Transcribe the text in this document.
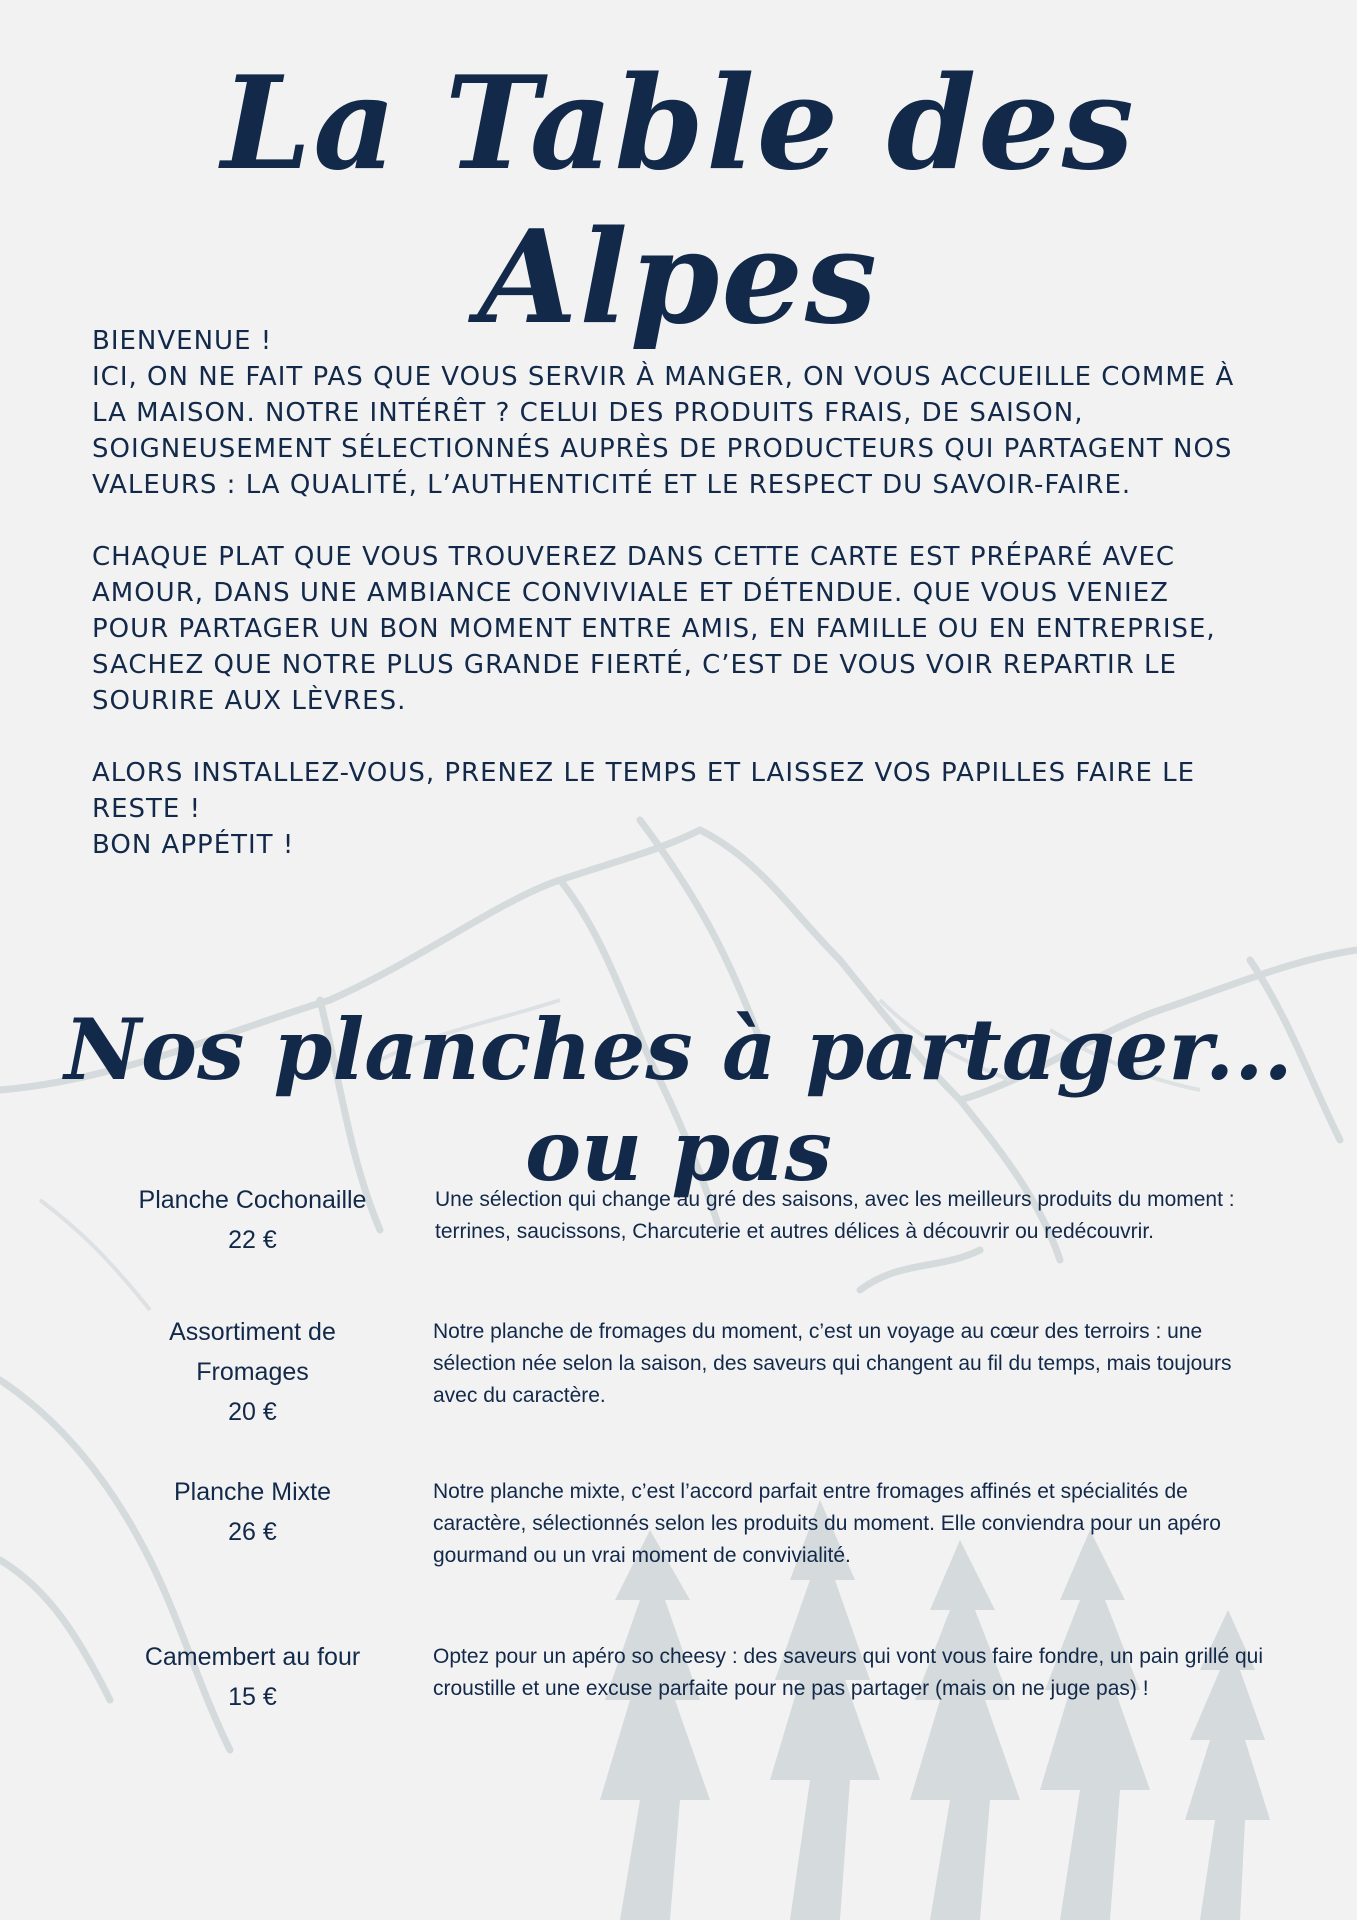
La Table des Alpes

BIENVENUE !
ICI, ON NE FAIT PAS QUE VOUS SERVIR À MANGER, ON VOUS ACCUEILLE COMME À LA MAISON. NOTRE INTÉRÊT ? CELUI DES PRODUITS FRAIS, DE SAISON, SOIGNEUSEMENT SÉLECTIONNÉS AUPRÈS DE PRODUCTEURS QUI PARTAGENT NOS VALEURS : LA QUALITÉ, L’AUTHENTICITÉ ET LE RESPECT DU SAVOIR-FAIRE.

CHAQUE PLAT QUE VOUS TROUVEREZ DANS CETTE CARTE EST PRÉPARÉ AVEC AMOUR, DANS UNE AMBIANCE CONVIVIALE ET DÉTENDUE. QUE VOUS VENIEZ POUR PARTAGER UN BON MOMENT ENTRE AMIS, EN FAMILLE OU EN ENTREPRISE, SACHEZ QUE NOTRE PLUS GRANDE FIERTÉ, C’EST DE VOUS VOIR REPARTIR LE SOURIRE AUX LÈVRES.

ALORS INSTALLEZ-VOUS, PRENEZ LE TEMPS ET LAISSEZ VOS PAPILLES FAIRE LE RESTE !
BON APPÉTIT !

Nos planches à partager... ou pas
Planche Cochonaille
22 €
Une sélection qui change au gré des saisons, avec les meilleurs produits du moment : terrines, saucissons, Charcuterie et autres délices à découvrir ou redécouvrir.
Assortiment de
Fromages
20 €
Notre planche de fromages du moment, c’est un voyage au cœur des terroirs : une sélection née selon la saison, des saveurs qui changent au fil du temps, mais toujours avec du caractère.
Planche Mixte
26 €
Notre planche mixte, c’est l’accord parfait entre fromages affinés et spécialités de caractère, sélectionnés selon les produits du moment. Elle conviendra pour un apéro gourmand ou un vrai moment de convivialité.
Camembert au four
15 €
Optez pour un apéro so cheesy : des saveurs qui vont vous faire fondre, un pain grillé qui croustille et une excuse parfaite pour ne pas partager (mais on ne juge pas) !
